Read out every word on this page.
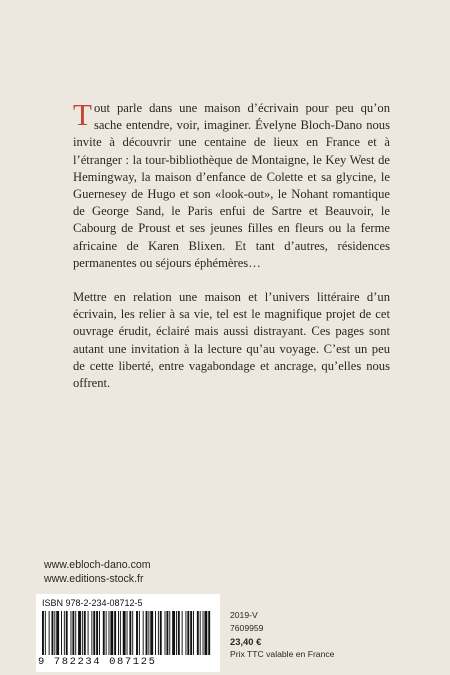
Tout parle dans une maison d’écrivain pour peu qu’on sache entendre, voir, imaginer. Évelyne Bloch-Dano nous invite à découvrir une centaine de lieux en France et à l’étranger : la tour-bibliothèque de Montaigne, le Key West de Hemingway, la maison d’enfance de Colette et sa glycine, le Guernesey de Hugo et son «look-out», le Nohant romantique de George Sand, le Paris enfui de Sartre et Beauvoir, le Cabourg de Proust et ses jeunes filles en fleurs ou la ferme africaine de Karen Blixen. Et tant d’autres, résidences permanentes ou séjours éphémères…

Mettre en relation une maison et l’univers littéraire d’un écrivain, les relier à sa vie, tel est le magnifique projet de cet ouvrage érudit, éclairé mais aussi distrayant. Ces pages sont autant une invitation à la lecture qu’au voyage. C’est un peu de cette liberté, entre vagabondage et ancrage, qu’elles nous offrent.

www.ebloch-dano.com
www.editions-stock.fr
ISBN 978-2-234-08712-5
9 782234 087125
2019-V
7609959
23,40 €
Prix TTC valable en France
